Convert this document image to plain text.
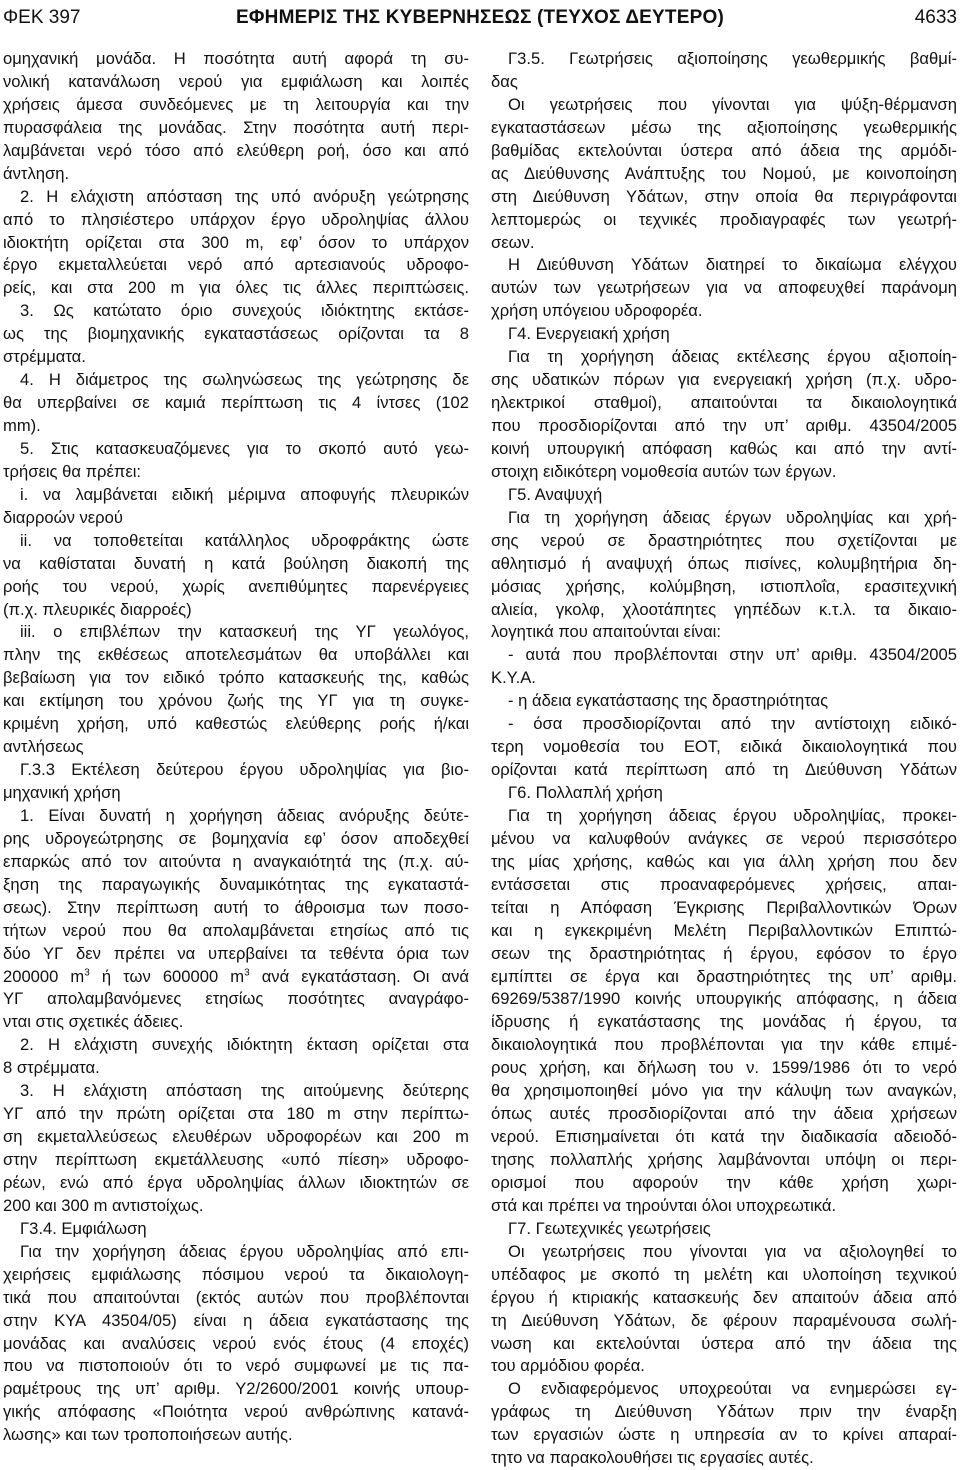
ΦΕΚ 397	ΕΦΗΜΕΡΙΣ ΤΗΣ ΚΥΒΕΡΝΗΣΕΩΣ (ΤΕΥΧΟΣ ΔΕΥΤΕΡΟ)	4633
ομηχανική μονάδα. Η ποσότητα αυτή αφορά τη συ-
νολική κατανάλωση νερού για εμφιάλωση και λοιπές
χρήσεις άμεσα συνδεόμενες με τη λειτουργία και την
πυρασφάλεια της μονάδας. Στην ποσότητα αυτή περι-
λαμβάνεται νερό τόσο από ελεύθερη ροή, όσο και από
άντληση.
2. Η ελάχιστη απόσταση της υπό ανόρυξη γεώτρησης
από το πλησιέστερο υπάρχον έργο υδροληψίας άλλου
ιδιοκτήτη ορίζεται στα 300 m, εφ’ όσον το υπάρχον
έργο εκμεταλλεύεται νερό από αρτεσιανούς υδροφο-
ρείς, και στα 200 m για όλες τις άλλες περιπτώσεις.
3. Ως κατώτατο όριο συνεχούς ιδιόκτητης εκτάσε-
ως της βιομηχανικής εγκαταστάσεως ορίζονται τα 8
στρέμματα.
4. Η διάμετρος της σωληνώσεως της γεώτρησης δε
θα υπερβαίνει σε καμιά περίπτωση τις 4 ίντσες (102
mm).
5. Στις κατασκευαζόμενες για το σκοπό αυτό γεω-
τρήσεις θα πρέπει:
i. να λαμβάνεται ειδική μέριμνα αποφυγής πλευρικών
διαρροών νερού
ii. να τοποθετείται κατάλληλος υδροφράκτης ώστε
να καθίσταται δυνατή η κατά βούληση διακοπή της
ροής του νερού, χωρίς ανεπιθύμητες παρενέργειες
(π.χ. πλευρικές διαρροές)
iii. ο επιβλέπων την κατασκευή της ΥΓ γεωλόγος,
πλην της εκθέσεως αποτελεσμάτων θα υποβάλλει και
βεβαίωση για τον ειδικό τρόπο κατασκευής της, καθώς
και εκτίμηση του χρόνου ζωής της ΥΓ για τη συγκε-
κριμένη χρήση, υπό καθεστώς ελεύθερης ροής ή/και
αντλήσεως
Γ.3.3 Εκτέλεση δεύτερου έργου υδροληψίας για βιο-
μηχανική χρήση
1. Είναι δυνατή η χορήγηση άδειας ανόρυξης δεύτε-
ρης υδρογεώτρησης σε βομηχανία εφ’ όσον αποδεχθεί
επαρκώς από τον αιτούντα η αναγκαιότητά της (π.χ. αύ-
ξηση της παραγωγικής δυναμικότητας της εγκαταστά-
σεως). Στην περίπτωση αυτή το άθροισμα των ποσο-
τήτων νερού που θα απολαμβάνεται ετησίως από τις
δύο ΥΓ δεν πρέπει να υπερβαίνει τα τεθέντα όρια των
200000 $m^3$ ή των 600000 $m^3$ ανά εγκατάσταση. Οι ανά
ΥΓ απολαμβανόμενες ετησίως ποσότητες αναγράφο-
νται στις σχετικές άδειες.
2. Η ελάχιστη συνεχής ιδιόκτητη έκταση ορίζεται στα
8 στρέμματα.
3. Η ελάχιστη απόσταση της αιτούμενης δεύτερης
ΥΓ από την πρώτη ορίζεται στα 180 m στην περίπτω-
ση εκμεταλλεύσεως ελευθέρων υδροφορέων και 200 m
στην περίπτωση εκμετάλλευσης «υπό πίεση» υδροφο-
ρέων, ενώ από έργα υδροληψίας άλλων ιδιοκτητών σε
200 και 300 m αντιστοίχως.
Γ3.4. Εμφιάλωση
Για την χορήγηση άδειας έργου υδροληψίας από επι-
χειρήσεις εμφιάλωσης πόσιμου νερού τα δικαιολογη-
τικά που απαιτούνται (εκτός αυτών που προβλέπονται
στην ΚΥΑ 43504/05) είναι η άδεια εγκατάστασης της
μονάδας και αναλύσεις νερού ενός έτους (4 εποχές)
που να πιστοποιούν ότι το νερό συμφωνεί με τις πα-
ραμέτρους της υπ’ αριθμ. Υ2/2600/2001 κοινής υπουρ-
γικής απόφασης «Ποιότητα νερού ανθρώπινης κατανά-
λωσης» και των τροποποιήσεων αυτής.
Γ3.5. Γεωτρήσεις αξιοποίησης γεωθερμικής βαθμί-
δας
Οι γεωτρήσεις που γίνονται για ψύξη-θέρμανση
εγκαταστάσεων μέσω της αξιοποίησης γεωθερμικής
βαθμίδας εκτελούνται ύστερα από άδεια της αρμόδι-
ας Διεύθυνσης Ανάπτυξης του Νομού, με κοινοποίηση
στη Διεύθυνση Υδάτων, στην οποία θα περιγράφονται
λεπτομερώς οι τεχνικές προδιαγραφές των γεωτρή-
σεων.
Η Διεύθυνση Υδάτων διατηρεί το δικαίωμα ελέγχου
αυτών των γεωτρήσεων για να αποφευχθεί παράνομη
χρήση υπόγειου υδροφορέα.
Γ4. Ενεργειακή χρήση
Για τη χορήγηση άδειας εκτέλεσης έργου αξιοποίη-
σης υδατικών πόρων για ενεργειακή χρήση (π.χ. υδρο-
ηλεκτρικοί σταθμοί), απαιτούνται τα δικαιολογητικά
που προσδιορίζονται από την υπ’ αριθμ. 43504/2005
κοινή υπουργική απόφαση καθώς και από την αντί-
στοιχη ειδικότερη νομοθεσία αυτών των έργων.
Γ5. Αναψυχή
Για τη χορήγηση άδειας έργων υδροληψίας και χρή-
σης νερού σε δραστηριότητες που σχετίζονται με
αθλητισμό ή αναψυχή όπως πισίνες, κολυμβητήρια δη-
μόσιας χρήσης, κολύμβηση, ιστιοπλοΐα, ερασιτεχνική
αλιεία, γκολφ, χλοοτάπητες γηπέδων κ.τ.λ. τα δικαιο-
λογητικά που απαιτούνται είναι:
- αυτά που προβλέπονται στην υπ’ αριθμ. 43504/2005
Κ.Υ.Α.
- η άδεια εγκατάστασης της δραστηριότητας
- όσα προσδιορίζονται από την αντίστοιχη ειδικό-
τερη νομοθεσία του ΕΟΤ, ειδικά δικαιολογητικά που
ορίζονται κατά περίπτωση από τη Διεύθυνση Υδάτων
Γ6. Πολλαπλή χρήση
Για τη χορήγηση άδειας έργου υδροληψίας, προκει-
μένου να καλυφθούν ανάγκες σε νερού περισσότερο
της μίας χρήσης, καθώς και για άλλη χρήση που δεν
εντάσσεται στις προαναφερόμενες χρήσεις, απαι-
τείται η Απόφαση Έγκρισης Περιβαλλοντικών Όρων
και η εγκεκριμένη Μελέτη Περιβαλλοντικών Επιπτώ-
σεων της δραστηριότητας ή έργου, εφόσον το έργο
εμπίπτει σε έργα και δραστηριότητες της υπ’ αριθμ.
69269/5387/1990 κοινής υπουργικής απόφασης, η άδεια
ίδρυσης ή εγκατάστασης της μονάδας ή έργου, τα
δικαιολογητικά που προβλέπονται για την κάθε επιμέ-
ρους χρήση, και δήλωση του ν. 1599/1986 ότι το νερό
θα χρησιμοποιηθεί μόνο για την κάλυψη των αναγκών,
όπως αυτές προσδιορίζονται από την άδεια χρήσεων
νερού. Επισημαίνεται ότι κατά την διαδικασία αδειοδό-
τησης πολλαπλής χρήσης λαμβάνονται υπόψη οι περι-
ορισμοί που αφορούν την κάθε χρήση χωρι-
στά και πρέπει να τηρούνται όλοι υποχρεωτικά.
Γ7. Γεωτεχνικές γεωτρήσεις
Οι γεωτρήσεις που γίνονται για να αξιολογηθεί το
υπέδαφος με σκοπό τη μελέτη και υλοποίηση τεχνικού
έργου ή κτιριακής κατασκευής δεν απαιτούν άδεια από
τη Διεύθυνση Υδάτων, δε φέρουν παραμένουσα σωλή-
νωση και εκτελούνται ύστερα από την άδεια της
του αρμόδιου φορέα.
Ο ενδιαφερόμενος υποχρεούται να ενημερώσει εγ-
γράφως τη Διεύθυνση Υδάτων πριν την έναρξη
των εργασιών ώστε η υπηρεσία αν το κρίνει απαραί-
τητο να παρακολουθήσει τις εργασίες αυτές.
